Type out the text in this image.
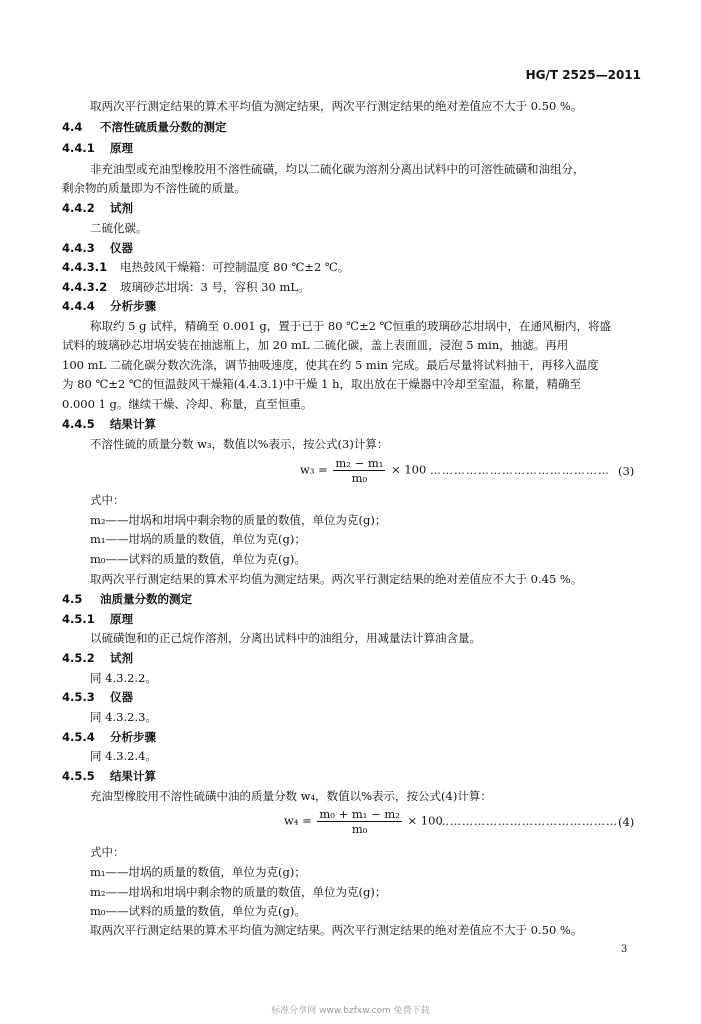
HG/T 2525—2011
取两次平行测定结果的算术平均值为测定结果，两次平行测定结果的绝对差值应不大于 0.50 %。
4.4 不溶性硫质量分数的测定
4.4.1 原理
非充油型或充油型橡胶用不溶性硫磺，均以二硫化碳为溶剂分离出试料中的可溶性硫磺和油组分，
剩余物的质量即为不溶性硫的质量。
4.4.2 试剂
二硫化碳。
4.4.3 仪器
4.4.3.1 电热鼓风干燥箱：可控制温度 80 ℃±2 ℃。
4.4.3.2 玻璃砂芯坩埚：3 号，容积 30 mL。
4.4.4 分析步骤
称取约 5 g 试样，精确至 0.001 g，置于已于 80 ℃±2 ℃恒重的玻璃砂芯坩埚中，在通风橱内，将盛
试料的玻璃砂芯坩埚安装在抽滤瓶上，加 20 mL 二硫化碳，盖上表面皿，浸泡 5 min，抽滤。再用
100 mL 二硫化碳分数次洗涤，调节抽吸速度，使其在约 5 min 完成。最后尽量将试料抽干，再移入温度
为 80 ℃±2 ℃的恒温鼓风干燥箱(4.4.3.1)中干燥 1 h，取出放在干燥器中冷却至室温，称量，精确至
0.000 1 g。继续干燥、冷却、称量，直至恒重。
4.4.5 结果计算
不溶性硫的质量分数 w₃，数值以%表示，按公式(3)计算：
$w_3 = \frac{\text{m₂ − m₁}}{\text{m₀}} \times 100$ ……………………………………… (3)
式中：
m₂——坩埚和坩埚中剩余物的质量的数值，单位为克(g)；
m₁——坩埚的质量的数值，单位为克(g)；
m₀——试料的质量的数值，单位为克(g)。
取两次平行测定结果的算术平均值为测定结果。两次平行测定结果的绝对差值应不大于 0.45 %。
4.5 油质量分数的测定
4.5.1 原理
以硫磺饱和的正己烷作溶剂，分离出试料中的油组分，用减量法计算油含量。
4.5.2 试剂
同 4.3.2.2。
4.5.3 仪器
同 4.3.2.3。
4.5.4 分析步骤
同 4.3.2.4。
4.5.5 结果计算
充油型橡胶用不溶性硫磺中油的质量分数 w₄，数值以%表示，按公式(4)计算：
$w_4 = \frac{\text{m₀ + m₁ − m₂}}{\text{m₀}} \times 100$
……………………………………… (4)
式中：
m₁——坩埚的质量的数值，单位为克(g)；
m₂——坩埚和坩埚中剩余物的质量的数值，单位为克(g)；
m₀——试料的质量的数值，单位为克(g)。
取两次平行测定结果的算术平均值为测定结果。两次平行测定结果的绝对差值应不大于 0.50 %。
3
标准分享网 www.bzfxw.com 免费下载
